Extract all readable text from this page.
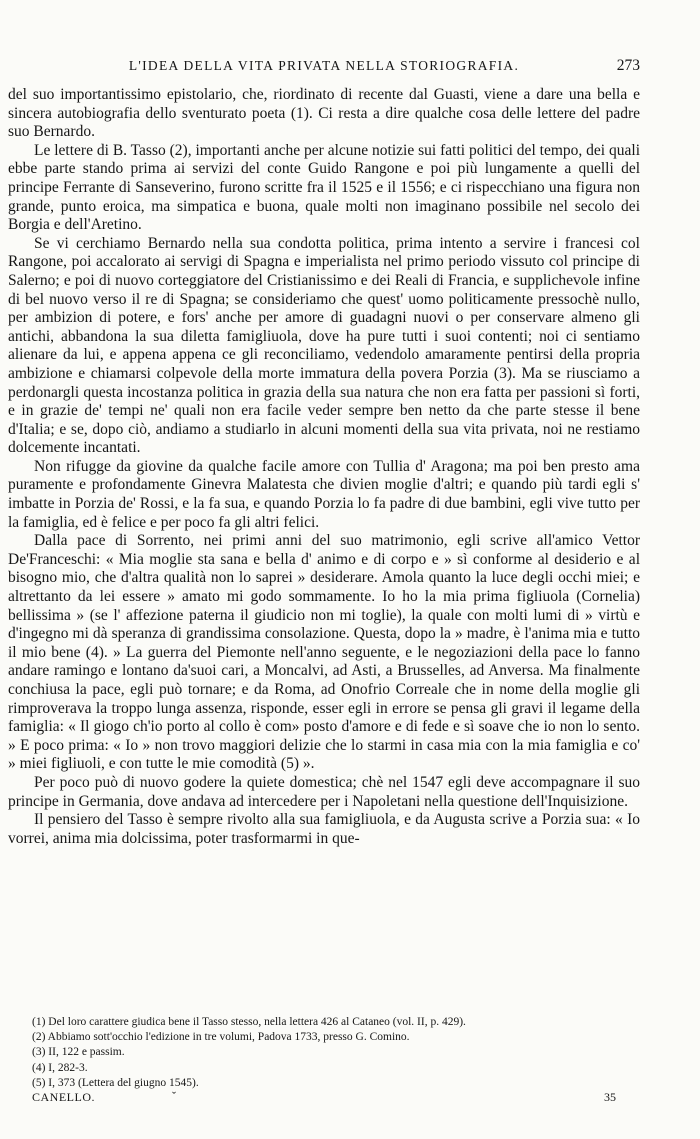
L'IDEA DELLA VITA PRIVATA NELLA STORIOGRAFIA.	273

del suo importantissimo epistolario, che, riordinato di recente dal Guasti, viene a dare una bella e sincera autobiografia dello sventurato poeta (1). Ci resta a dire qualche cosa delle lettere del padre suo Bernardo.

Le lettere di B. Tasso (2), importanti anche per alcune notizie sui fatti politici del tempo, dei quali ebbe parte stando prima ai servizi del conte Guido Rangone e poi più lungamente a quelli del principe Ferrante di Sanseverino, furono scritte fra il 1525 e il 1556; e ci rispecchiano una figura non grande, punto eroica, ma simpatica e buona, quale molti non imaginano possibile nel secolo dei Borgia e dell'Aretino.

Se vi cerchiamo Bernardo nella sua condotta politica, prima intento a servire i francesi col Rangone, poi accalorato ai servigi di Spagna e imperialista nel primo periodo vissuto col principe di Salerno; e poi di nuovo corteggiatore del Cristianissimo e dei Reali di Francia, e supplichevole infine di bel nuovo verso il re di Spagna; se consideriamo che quest' uomo politicamente pressochè nullo, per ambizion di potere, e fors' anche per amore di guadagni nuovi o per conservare almeno gli antichi, abbandona la sua diletta famigliuola, dove ha pure tutti i suoi contenti; noi ci sentiamo alienare da lui, e appena appena ce gli reconciliamo, vedendolo amaramente pentirsi della propria ambizione e chiamarsi colpevole della morte immatura della povera Porzia (3). Ma se riusciamo a perdonargli questa incostanza politica in grazia della sua natura che non era fatta per passioni sì forti, e in grazie de' tempi ne' quali non era facile veder sempre ben netto da che parte stesse il bene d'Italia; e se, dopo ciò, andiamo a studiarlo in alcuni momenti della sua vita privata, noi ne restiamo dolcemente incantati.

Non rifugge da giovine da qualche facile amore con Tullia d' Aragona; ma poi ben presto ama puramente e profondamente Ginevra Malatesta che divien moglie d'altri; e quando più tardi egli s' imbatte in Porzia de' Rossi, e la fa sua, e quando Porzia lo fa padre di due bambini, egli vive tutto per la famiglia, ed è felice e per poco fa gli altri felici.

Dalla pace di Sorrento, nei primi anni del suo matrimonio, egli scrive all'amico Vettor De'Franceschi: « Mia moglie sta sana e bella d' animo e di corpo e » sì conforme al desiderio e al bisogno mio, che d'altra qualità non lo saprei » desiderare. Amola quanto la luce degli occhi miei; e altrettanto da lei essere » amato mi godo sommamente. Io ho la mia prima figliuola (Cornelia) bellissima » (se l' affezione paterna il giudicio non mi toglie), la quale con molti lumi di » virtù e d'ingegno mi dà speranza di grandissima consolazione. Questa, dopo la » madre, è l'anima mia e tutto il mio bene (4). » La guerra del Piemonte nell'anno seguente, e le negoziazioni della pace lo fanno andare ramingo e lontano da'suoi cari, a Moncalvi, ad Asti, a Brusselles, ad Anversa. Ma finalmente conchiusa la pace, egli può tornare; e da Roma, ad Onofrio Correale che in nome della moglie gli rimproverava la troppo lunga assenza, risponde, esser egli in errore se pensa gli gravi il legame della famiglia: « Il giogo ch'io porto al collo è com» posto d'amore e di fede e sì soave che io non lo sento. » E poco prima: « Io » non trovo maggiori delizie che lo starmi in casa mia con la mia famiglia e co' » miei figliuoli, e con tutte le mie comodità (5) ».

Per poco può di nuovo godere la quiete domestica; chè nel 1547 egli deve accompagnare il suo principe in Germania, dove andava ad intercedere per i Napoletani nella questione dell'Inquisizione.

Il pensiero del Tasso è sempre rivolto alla sua famigliuola, e da Augusta scrive a Porzia sua: « Io vorrei, anima mia dolcissima, poter trasformarmi in que-

(1) Del loro carattere giudica bene il Tasso stesso, nella lettera 426 al Cataneo (vol. II, p. 429).
(2) Abbiamo sott'occhio l'edizione in tre volumi, Padova 1733, presso G. Comino.
(3) II, 122 e passim.
(4) I, 282-3.
(5) I, 373 (Lettera del giugno 1545).
CANELLO.	ˇ	35
